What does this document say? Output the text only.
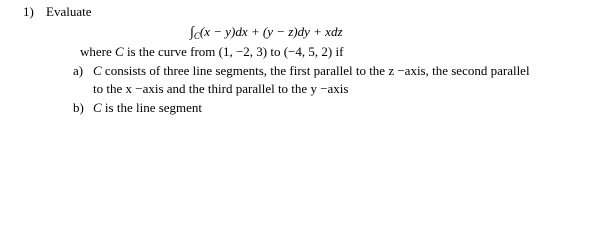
1) Evaluate
$\int_C(x - y)dx + (y - z)dy$ + xdz
where C is the curve from (1, −2, 3) to (−4, 5, 2) if
a) C consists of three line segments, the first parallel to the z −axis, the second parallel
to the x −axis and the third parallel to the y −axis
b) C is the line segment
